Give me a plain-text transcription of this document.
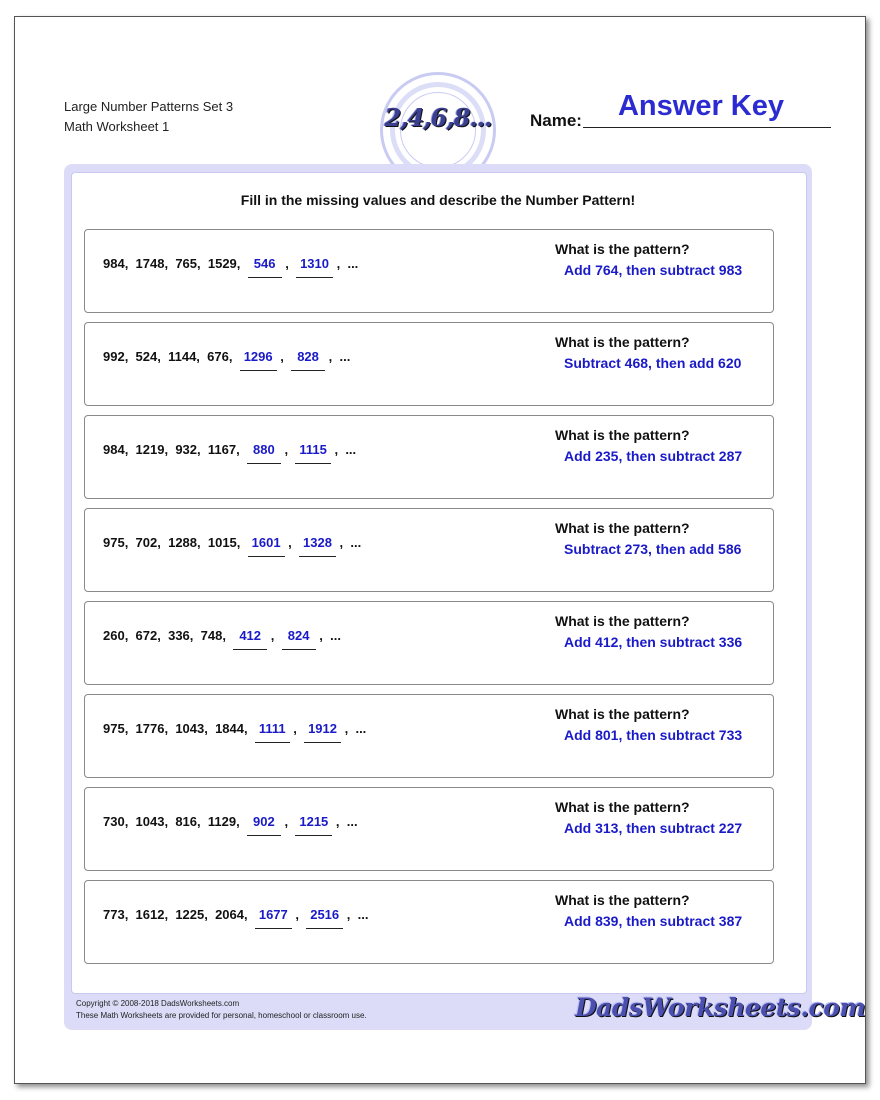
Large Number Patterns Set 3
Math Worksheet 1	2,4,6,8... Name:	Answer Key
Fill in the missing values and describe the Number Pattern!
984,  1748,  765,  1529,  546 ,  1310 ,  ...
What is the pattern?
Add 764, then subtract 983
992,  524,  1144,  676,  1296 ,  828 ,  ...
What is the pattern?
Subtract 468, then add 620
984,  1219,  932,  1167,  880 ,  1115 ,  ...
What is the pattern?
Add 235, then subtract 287
975,  702,  1288,  1015,  1601 ,  1328 ,  ...
What is the pattern?
Subtract 273, then add 586
260,  672,  336,  748,  412 ,  824 ,  ...
What is the pattern?
Add 412, then subtract 336
975,  1776,  1043,  1844,  1111 ,  1912 ,  ...
What is the pattern?
Add 801, then subtract 733
730,  1043,  816,  1129,  902 ,  1215 ,  ...
What is the pattern?
Add 313, then subtract 227
773,  1612,  1225,  2064,  1677 ,  2516 ,  ...
What is the pattern?
Add 839, then subtract 387
Copyright © 2008-2018 DadsWorksheets.com
These Math Worksheets are provided for personal, homeschool or classroom use.	DadsWorksheets.com
